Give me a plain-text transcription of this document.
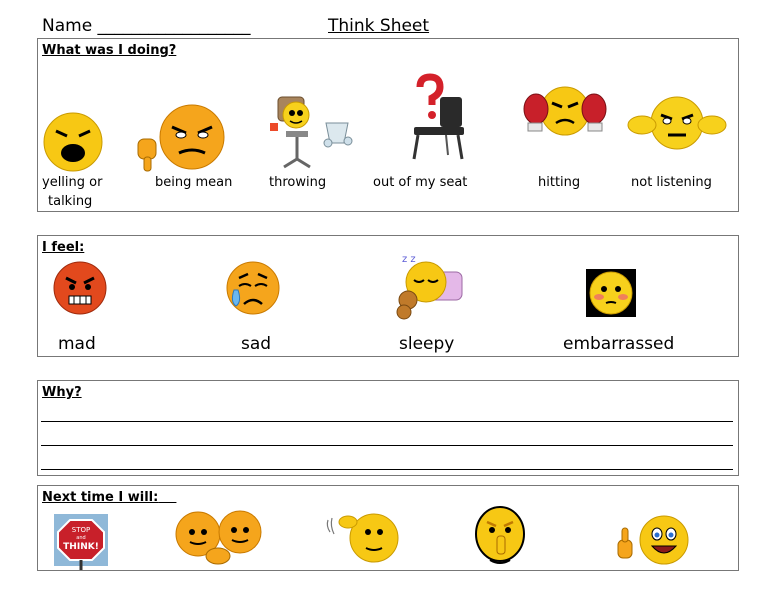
Name __________________	Think Sheet
What was I doing?
yelling or
talking
being mean	throwing	out of my seat	hitting	not listening
I feel:
z z
mad	sad	sleepy	embarrassed
Why?
Next time I will:
STOP
and
THINK!
